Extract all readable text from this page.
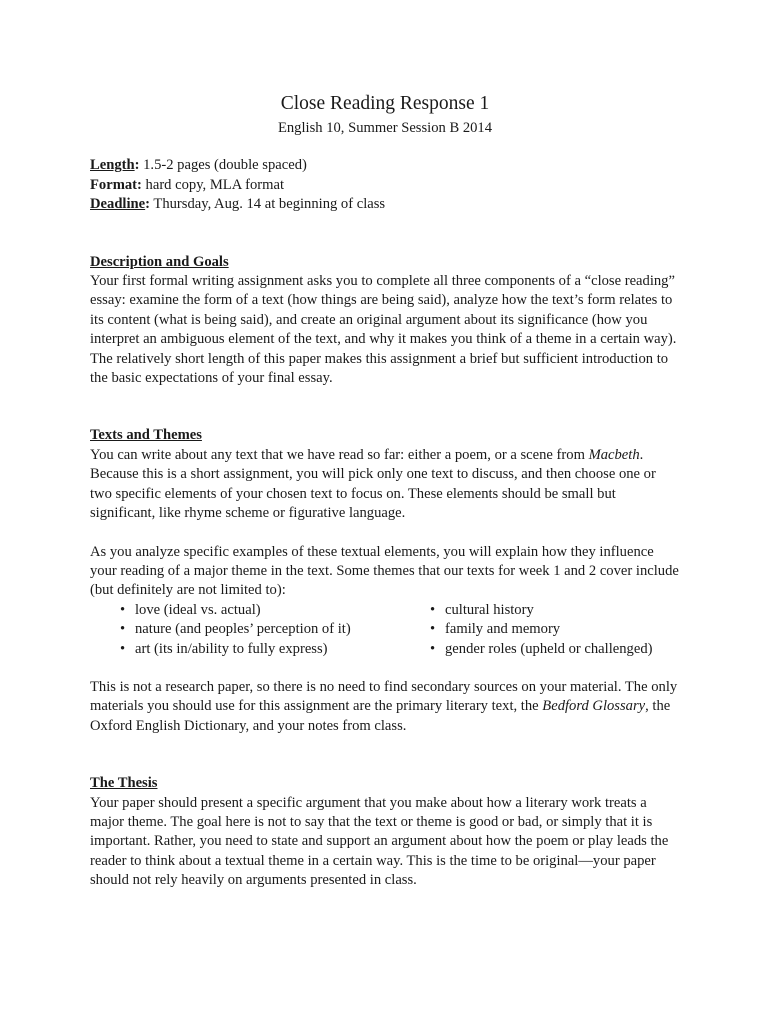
Close Reading Response 1
English 10, Summer Session B 2014
Length: 1.5-2 pages (double spaced)
Format: hard copy, MLA format
Deadline: Thursday, Aug. 14 at beginning of class
Description and Goals

Your first formal writing assignment asks you to complete all three components of a “close reading” essay: examine the form of a text (how things are being said), analyze how the text’s form relates to its content (what is being said), and create an original argument about its significance (how you interpret an ambiguous element of the text, and why it makes you think of a theme in a certain way). The relatively short length of this paper makes this assignment a brief but sufficient introduction to the basic expectations of your final essay.

Texts and Themes

You can write about any text that we have read so far: either a poem, or a scene from Macbeth. Because this is a short assignment, you will pick only one text to discuss, and then choose one or two specific elements of your chosen text to focus on. These elements should be small but significant, like rhyme scheme or figurative language.

As you analyze specific examples of these textual elements, you will explain how they influence your reading of a major theme in the text. Some themes that our texts for week 1 and 2 cover include (but definitely are not limited to):

• love (ideal vs. actual)	• cultural history
• nature (and peoples’ perception of it)	• family and memory
• art (its in/ability to fully express)	• gender roles (upheld or challenged)

This is not a research paper, so there is no need to find secondary sources on your material. The only materials you should use for this assignment are the primary literary text, the Bedford Glossary, the Oxford English Dictionary, and your notes from class.

The Thesis

Your paper should present a specific argument that you make about how a literary work treats a major theme. The goal here is not to say that the text or theme is good or bad, or simply that it is important. Rather, you need to state and support an argument about how the poem or play leads the reader to think about a textual theme in a certain way. This is the time to be original—your paper should not rely heavily on arguments presented in class.
